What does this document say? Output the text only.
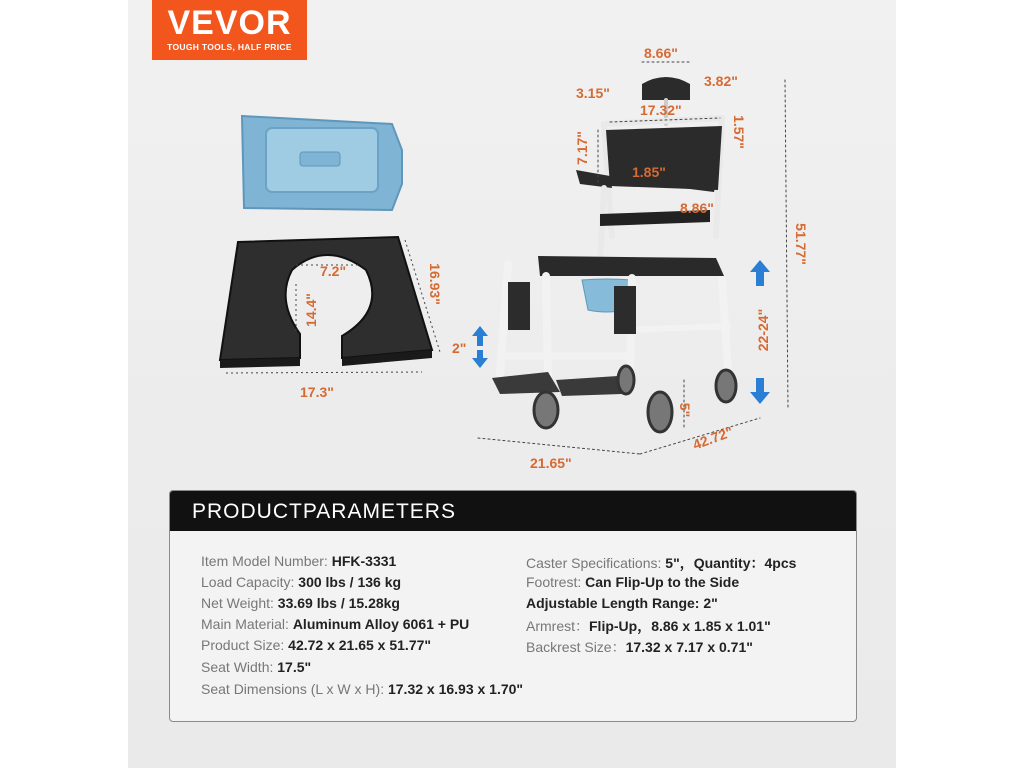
VEVOR
TOUGH TOOLS, HALF PRICE	8.66"
3.82"
3.15"
17.32"
7.17"	1.57"
1.85"
8.86"
51.77"
22-24"
2"
5"
42.72"
21.65"
7.2"
14.4"
16.93"
17.3"
PRODUCTPARAMETERS
Item Model Number: HFK-3331
Load Capacity: 300 lbs / 136 kg
Net Weight: 33.69 lbs / 15.28kg
Main Material: Aluminum Alloy 6061 + PU
Product Size: 42.72 x 21.65 x 51.77"
Seat Width: 17.5"
Seat Dimensions (L x W x H): 17.32 x 16.93 x 1.70"
Caster Specifications: 5"，Quantity：4pcs
Footrest: Can Flip-Up to the Side
Adjustable Length Range: 2"
Armrest：Flip-Up，8.86 x 1.85 x 1.01"
Backrest Size：17.32 x 7.17 x 0.71"
